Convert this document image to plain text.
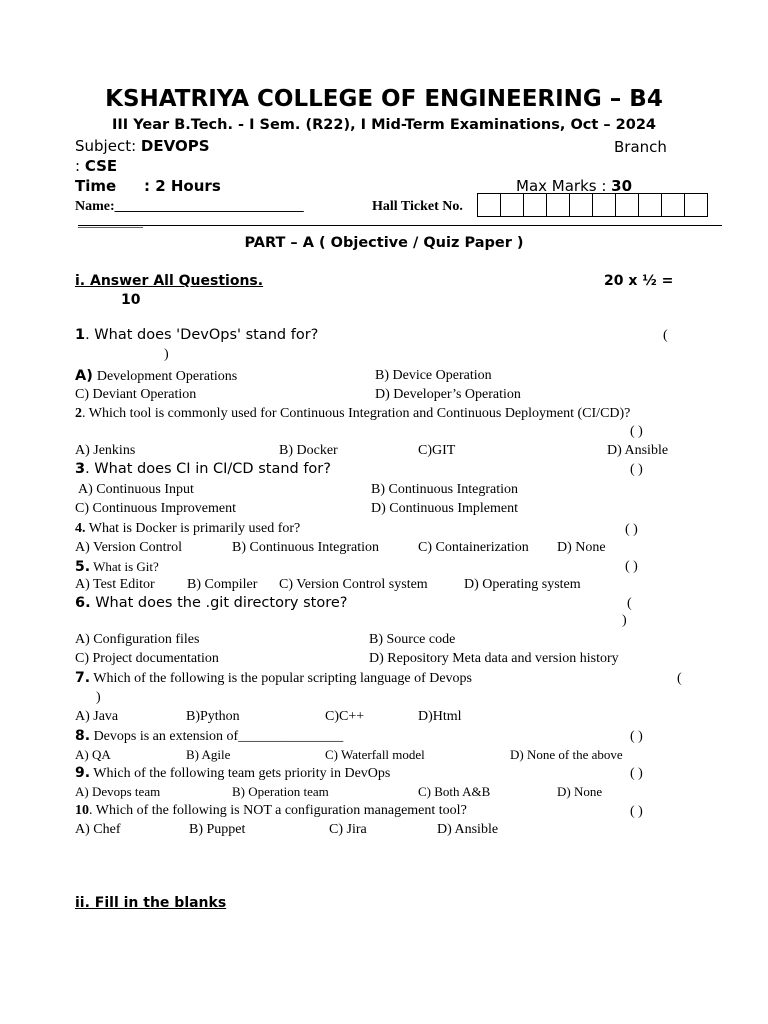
KSHATRIYA COLLEGE OF ENGINEERING – B4
III Year B.Tech. - I Sem. (R22), I Mid-Term Examinations, Oct – 2024
Subject: DEVOPS	Branch
: CSE
Time : 2 Hours	Max Marks : 30
Name:___________________________	Hall Ticket No.
__________
PART – A ( Objective / Quiz Paper )
i. Answer All Questions.	20 x ½ =
10
1. What does 'DevOps' stand for?	(
)
A) Development Operations	B) Device Operation
C) Deviant Operation	D) Developer’s Operation
2. Which tool is commonly used for Continuous Integration and Continuous Deployment (CI/CD)?
( )
A) Jenkins	B) Docker	C)GIT	D) Ansible
3. What does CI in CI/CD stand for?	( )
A) Continuous Input	B) Continuous Integration
C) Continuous Improvement	D) Continuous Implement
4. What is Docker is primarily used for?	( )
A) Version Control	B) Continuous Integration	C) Containerization D) None
5. What is Git?	( )
A) Test Editor B) Compiler C) Version Control system	D) Operating system
6. What does the .git directory store?	(
)
A) Configuration files	B) Source code
C) Project documentation	D) Repository Meta data and version history
7. Which of the following is the popular scripting language of Devops	(
)
A) Java	B)Python	C)C++	D)Html
8. Devops is an extension of_______________	( )
A) QA	B) Agile	C) Waterfall model	D) None of the above
9. Which of the following team gets priority in DevOps	( )
A) Devops team	B) Operation team	C) Both A&B	D) None
10. Which of the following is NOT a configuration management tool?	( )
A) Chef	B) Puppet	C) Jira	D) Ansible
ii. Fill in the blanks
